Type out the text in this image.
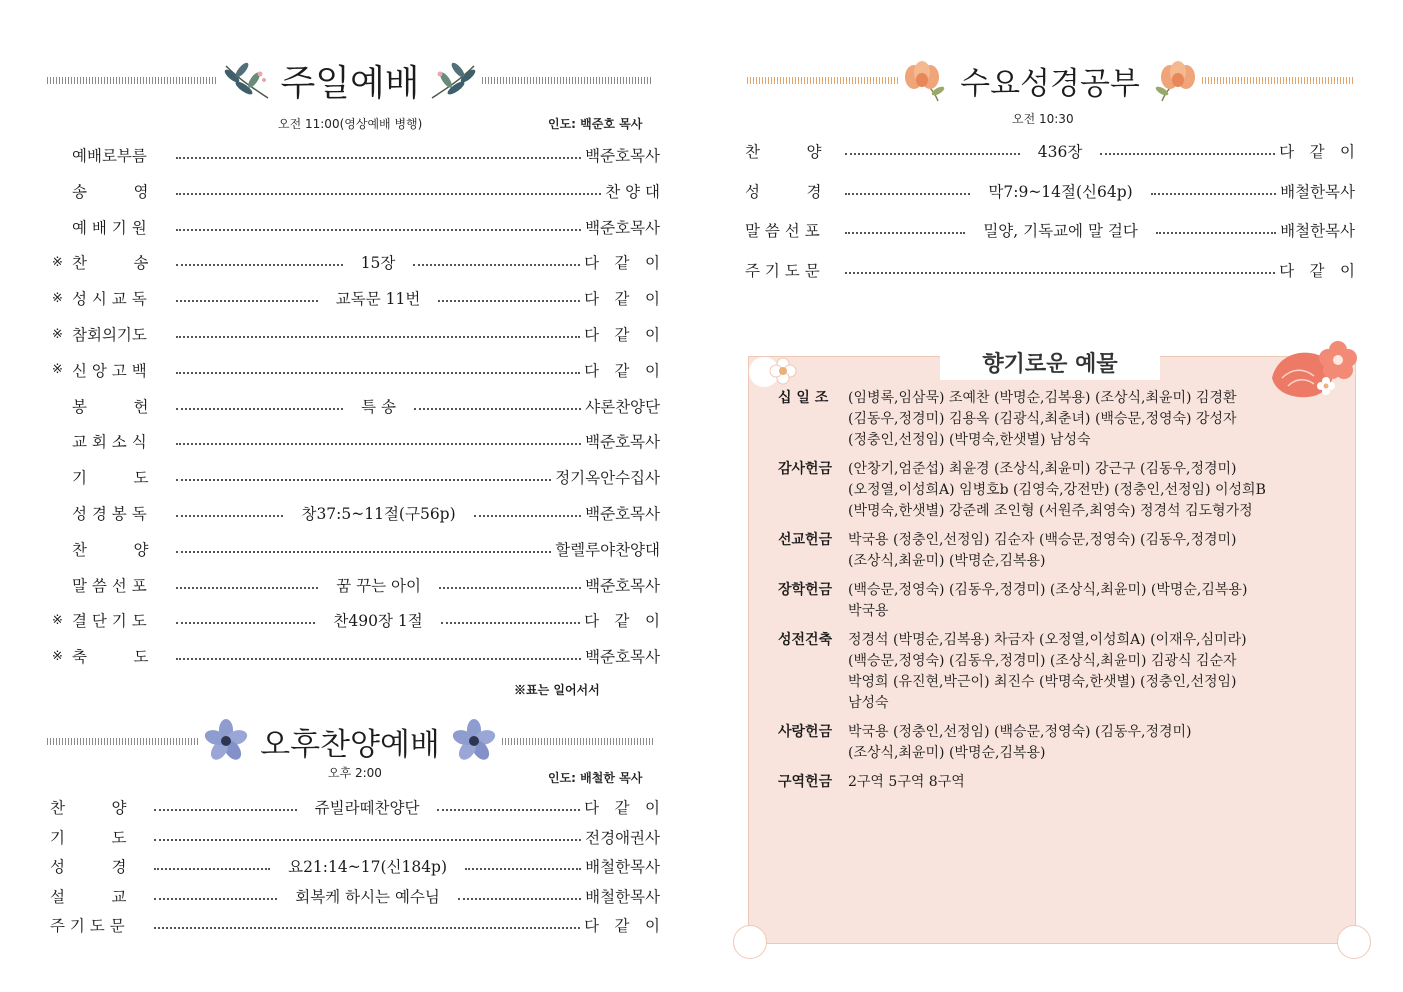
주일예배
오전 11:00(영상예배 병행)	인도: 백준호 목사
예배로부름	백준호목사
송　　　영	찬 양 대
예 배 기 원	백준호목사
※ 찬　　　송	15장	다　같　이
※ 성 시 교 독	교독문 11번	다　같　이
※ 참회의기도	다　같　이
※ 신 앙 고 백	다　같　이
봉　　　헌	특 송	샤론찬양단
교 회 소 식	백준호목사
기　　　도	정기옥안수집사
성 경 봉 독	창37:5~11절(구56p)	백준호목사
찬　　　양	할렐루야찬양대
말 씀 선 포	꿈 꾸는 아이	백준호목사
※ 결 단 기 도	찬490장 1절	다　같　이
※ 축　　　도	백준호목사
※표는 일어서서
오후찬양예배
오후 2:00	인도: 배철한 목사
찬　　　양	쥬빌라떼찬양단	다　같　이
기　　　도	전경애권사
성　　　경	요21:14~17(신184p)	배철한목사
설　　　교	회복케 하시는 예수님	배철한목사
주 기 도 문	다　같　이
수요성경공부
오전 10:30
찬　　　양	436장	다　같　이
성　　　경	막7:9~14절(신64p)	배철한목사
말 씀 선 포	밀양, 기독교에 말 걸다	배철한목사
주 기 도 문	다　같　이
향기로운 예물
십 일 조	(임병록,임삼묵) 조예찬 (박명순,김복용) (조상식,최윤미) 김경환
(김동우,정경미) 김용옥 (김광식,최춘녀) (백승문,정영숙) 강성자
(정충인,선정임) (박명숙,한샛별) 남성숙
감사헌금	(안창기,엄준섭) 최윤경 (조상식,최윤미) 강근구 (김동우,정경미)
(오정열,이성희A) 임병호b (김영숙,강전만) (정충인,선정임) 이성희B
(박명숙,한샛별) 강준례 조인형 (서원주,최영숙) 정경석 김도형가정
선교헌금	박국용 (정충인,선정임) 김순자 (백승문,정영숙) (김동우,정경미)
(조상식,최윤미) (박명순,김복용)
장학헌금	(백승문,정영숙) (김동우,정경미) (조상식,최윤미) (박명순,김복용)
박국용
성전건축	정경석 (박명순,김복용) 차금자 (오정열,이성희A) (이재우,심미라)
(백승문,정영숙) (김동우,정경미) (조상식,최윤미) 김광식 김순자
박영희 (유진현,박근이) 최진수 (박명숙,한샛별) (정충인,선정임)
남성숙
사랑헌금	박국용 (정충인,선정임) (백승문,정영숙) (김동우,정경미)
(조상식,최윤미) (박명순,김복용)
구역헌금	2구역 5구역 8구역
